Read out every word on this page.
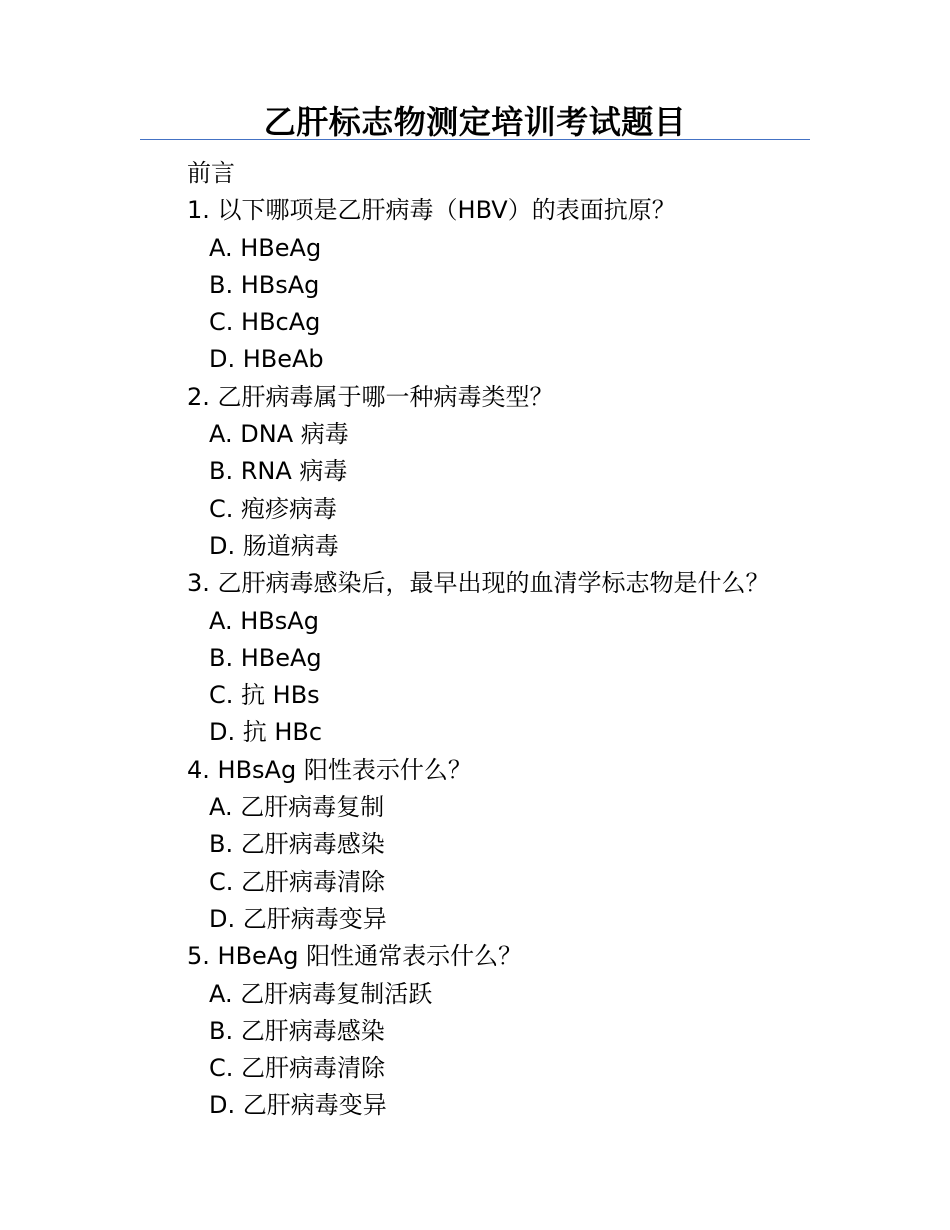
乙肝标志物测定培训考试题目
前言
1. 以下哪项是乙肝病毒（HBV）的表面抗原？
A. HBeAg
B. HBsAg
C. HBcAg
D. HBeAb
2. 乙肝病毒属于哪一种病毒类型？
A. DNA 病毒
B. RNA 病毒
C. 疱疹病毒
D. 肠道病毒
3. 乙肝病毒感染后，最早出现的血清学标志物是什么？
A. HBsAg
B. HBeAg
C. 抗 HBs
D. 抗 HBc
4. HBsAg 阳性表示什么？
A. 乙肝病毒复制
B. 乙肝病毒感染
C. 乙肝病毒清除
D. 乙肝病毒变异
5. HBeAg 阳性通常表示什么？
A. 乙肝病毒复制活跃
B. 乙肝病毒感染
C. 乙肝病毒清除
D. 乙肝病毒变异
